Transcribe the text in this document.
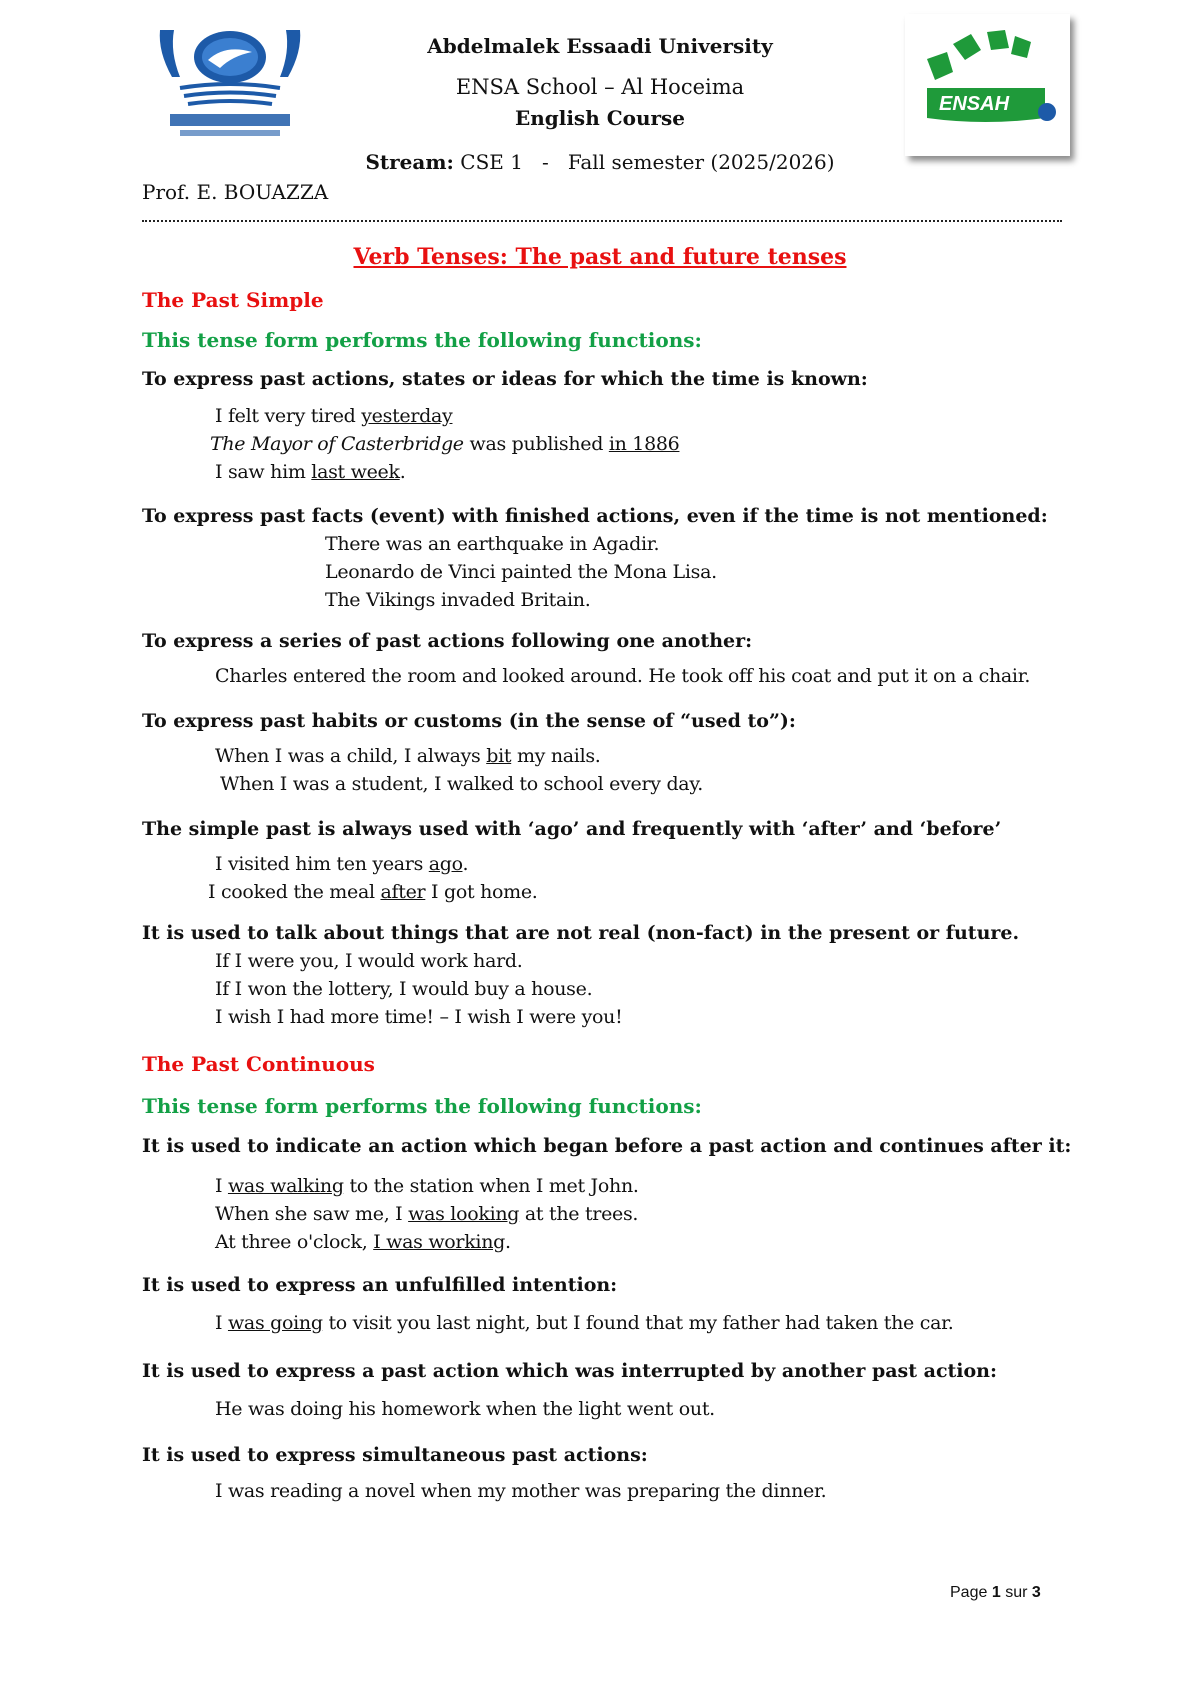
ENSAH
Abdelmalek Essaadi University
ENSA School – Al Hoceima
English Course
Stream: CSE 1   -   Fall semester (2025/2026)
Prof. E. BOUAZZA
Verb Tenses: The past and future tenses
The Past Simple
This tense form performs the following functions:
To express past actions, states or ideas for which the time is known:
I felt very tired yesterday
The Mayor of Casterbridge was published in 1886
I saw him last week.
To express past facts (event) with finished actions, even if the time is not mentioned:
There was an earthquake in Agadir.
Leonardo de Vinci painted the Mona Lisa.
The Vikings invaded Britain.
To express a series of past actions following one another:
Charles entered the room and looked around. He took off his coat and put it on a chair.
To express past habits or customs (in the sense of “used to”):
When I was a child, I always bit my nails.
When I was a student, I walked to school every day.
The simple past is always used with ‘ago’ and frequently with ‘after’ and ‘before’
I visited him ten years ago.
I cooked the meal after I got home.
It is used to talk about things that are not real (non-fact) in the present or future.
If I were you, I would work hard.
If I won the lottery, I would buy a house.
I wish I had more time! – I wish I were you!
The Past Continuous
This tense form performs the following functions:
It is used to indicate an action which began before a past action and continues after it:
I was walking to the station when I met John.
When she saw me, I was looking at the trees.
At three o'clock, I was working.
It is used to express an unfulfilled intention:
I was going to visit you last night, but I found that my father had taken the car.
It is used to express a past action which was interrupted by another past action:
He was doing his homework when the light went out.
It is used to express simultaneous past actions:
I was reading a novel when my mother was preparing the dinner.
Page 1 sur 3
